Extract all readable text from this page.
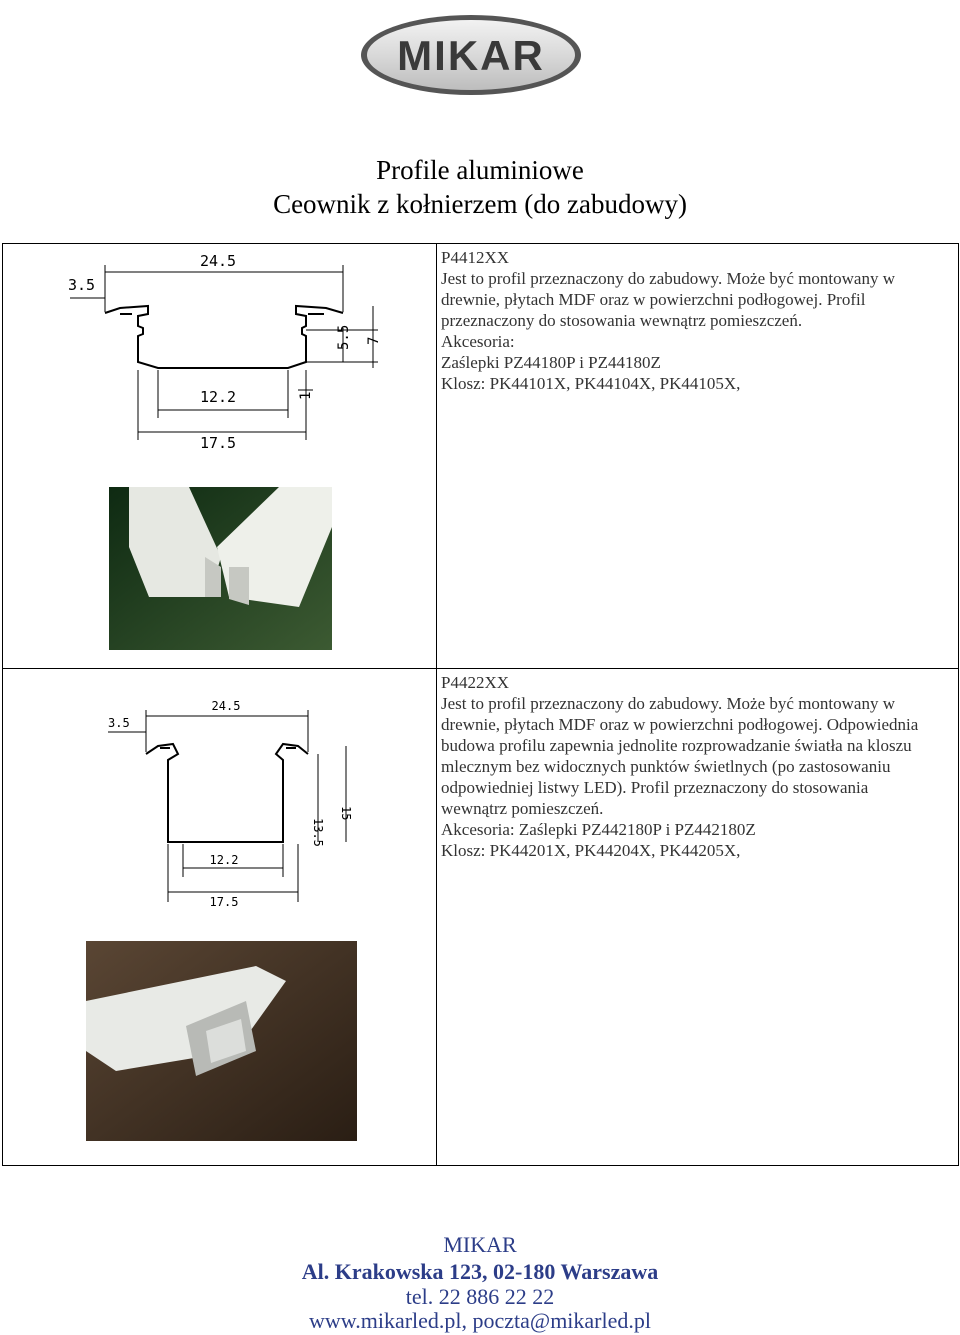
MIKAR
Profile aluminiowe
Ceownik z kołnierzem (do zabudowy)
24.5
3.5
12.2
17.5
5.5 7
1
P4412XX
Jest to profil przeznaczony do zabudowy. Może być montowany w
drewnie, płytach MDF oraz w powierzchni podłogowej. Profil
przeznaczony do stosowania wewnątrz pomieszczeń.
Akcesoria:
Zaślepki PZ44180P i PZ44180Z
Klosz: PK44101X, PK44104X, PK44105X,
24.5
3.5
12.2
17.5
13.5
15
P4422XX
Jest to profil przeznaczony do zabudowy. Może być montowany w
drewnie, płytach MDF oraz w powierzchni podłogowej. Odpowiednia
budowa profilu zapewnia jednolite rozprowadzanie światła na kloszu
mlecznym bez widocznych punktów świetlnych (po zastosowaniu
odpowiedniej listwy LED). Profil przeznaczony do stosowania
wewnątrz pomieszczeń.
Akcesoria: Zaślepki PZ442180P i PZ442180Z
Klosz: PK44201X, PK44204X, PK44205X,
MIKAR
Al. Krakowska 123, 02-180 Warszawa
tel. 22 886 22 22
www.mikarled.pl, poczta@mikarled.pl
